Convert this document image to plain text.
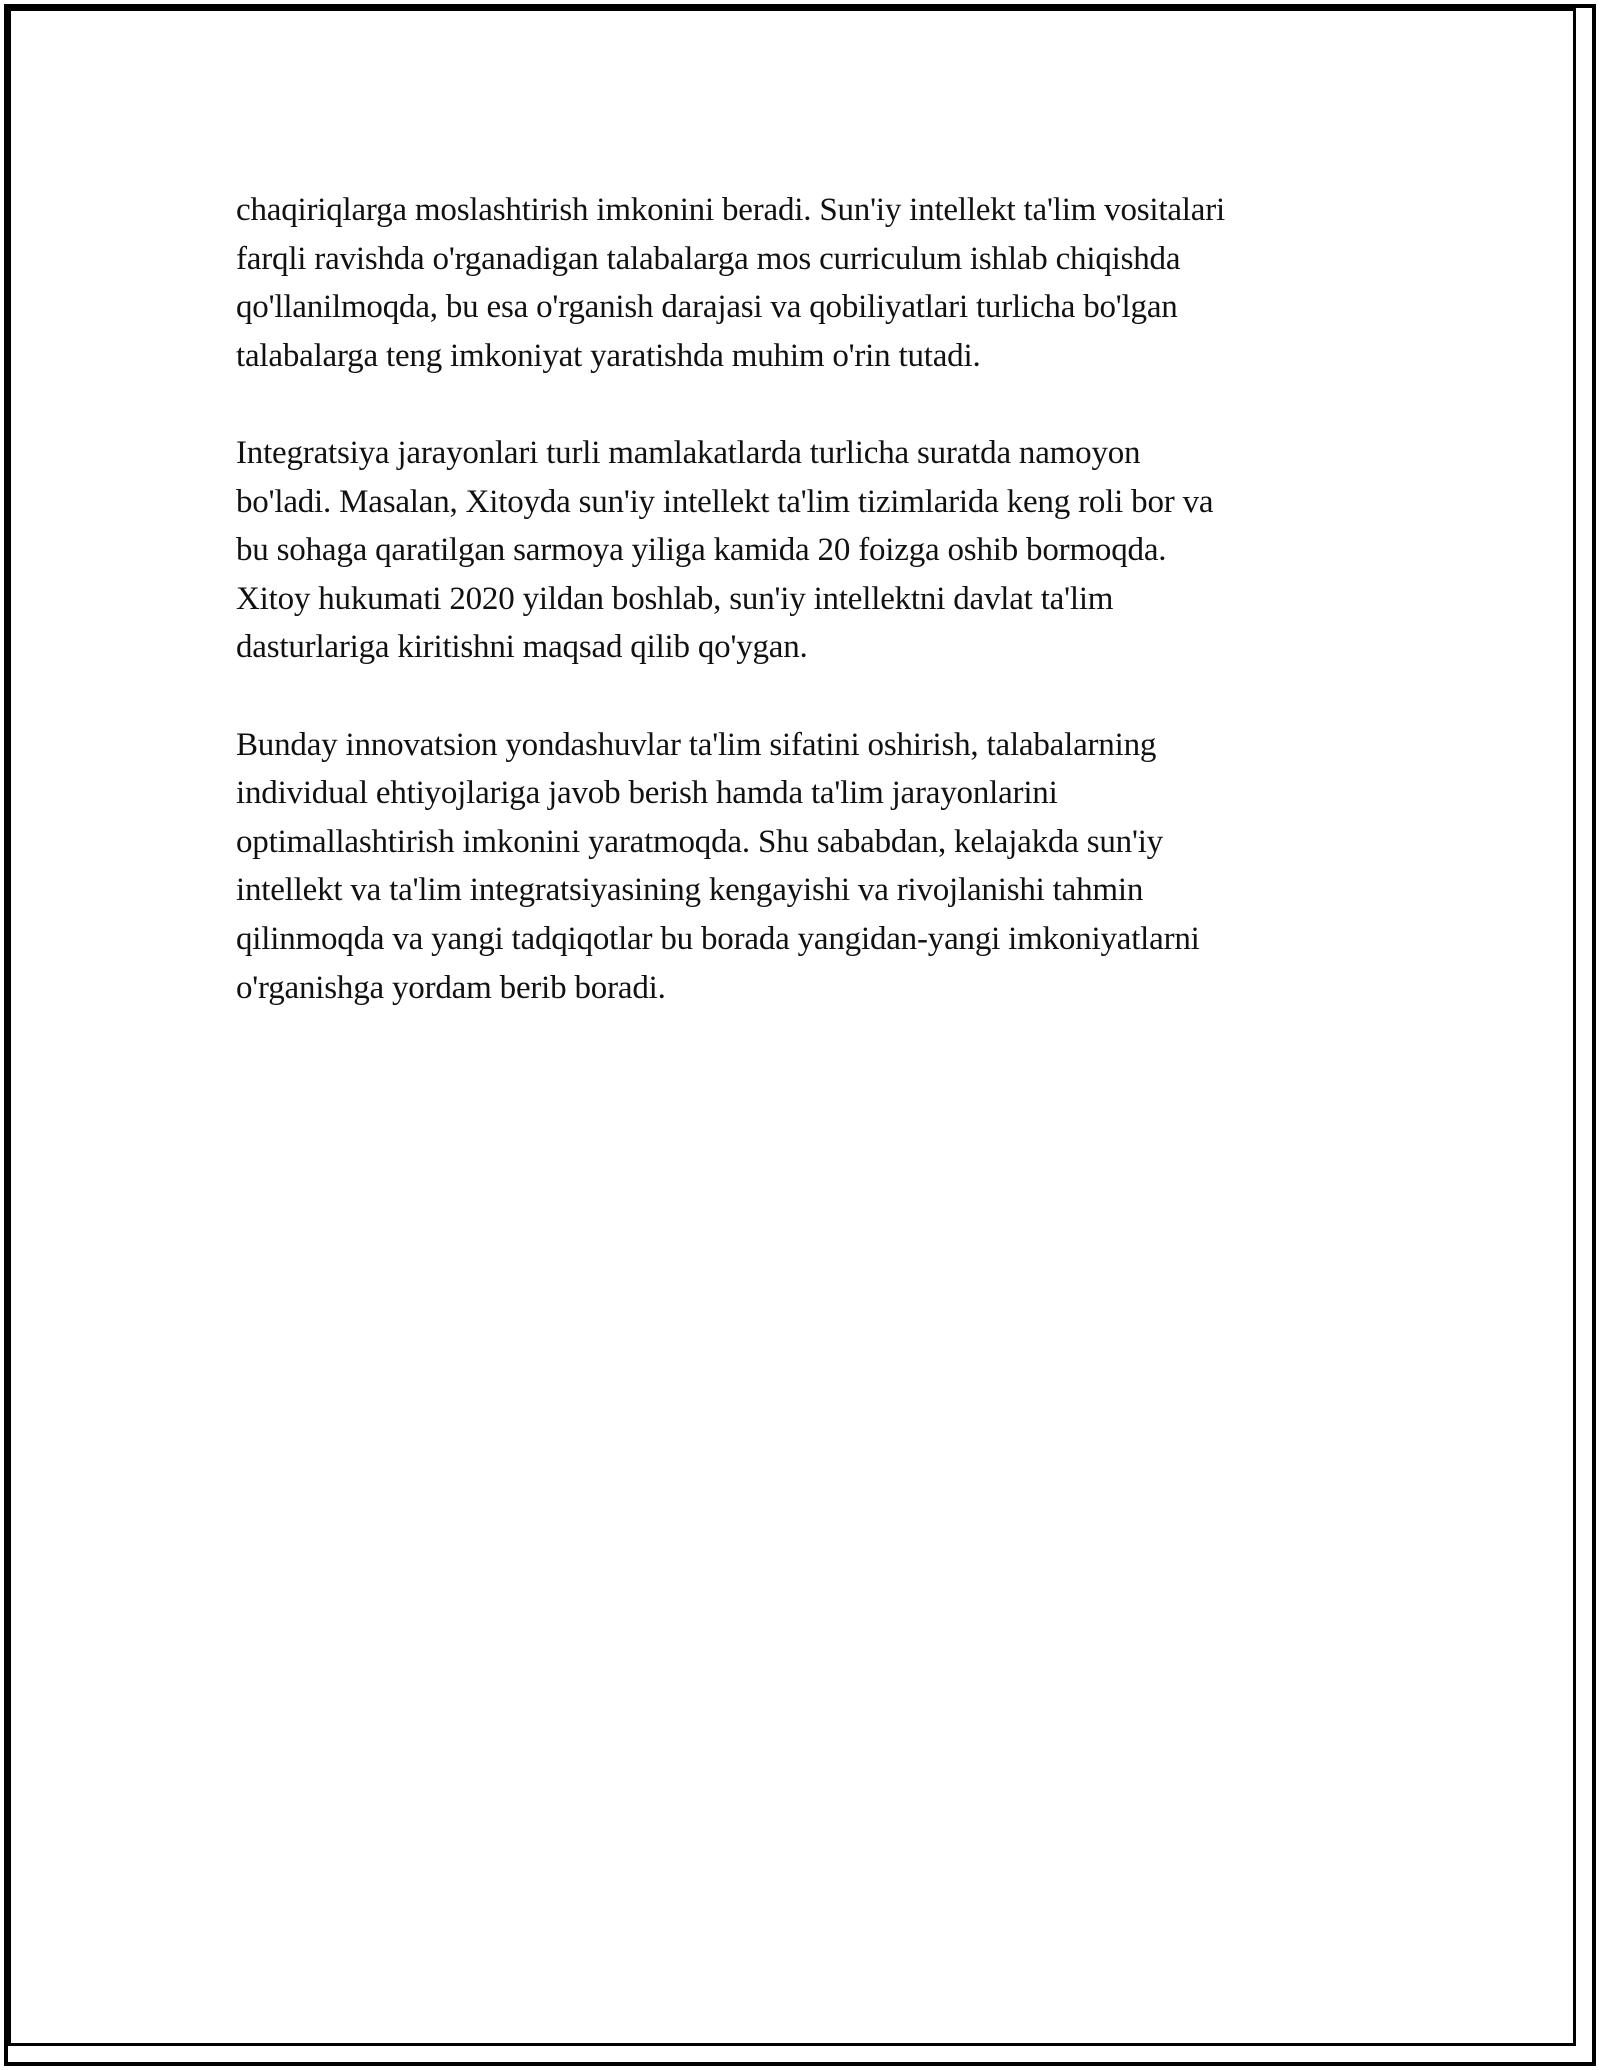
chaqiriqlarga moslashtirish imkonini beradi. Sun'iy intellekt ta'lim vositalari
farqli ravishda o'rganadigan talabalarga mos curriculum ishlab chiqishda
qo'llanilmoqda, bu esa o'rganish darajasi va qobiliyatlari turlicha bo'lgan
talabalarga teng imkoniyat yaratishda muhim o'rin tutadi.

Integratsiya jarayonlari turli mamlakatlarda turlicha suratda namoyon
bo'ladi. Masalan, Xitoyda sun'iy intellekt ta'lim tizimlarida keng roli bor va
bu sohaga qaratilgan sarmoya yiliga kamida 20 foizga oshib bormoqda.
Xitoy hukumati 2020 yildan boshlab, sun'iy intellektni davlat ta'lim
dasturlariga kiritishni maqsad qilib qo'ygan.

Bunday innovatsion yondashuvlar ta'lim sifatini oshirish, talabalarning
individual ehtiyojlariga javob berish hamda ta'lim jarayonlarini
optimallashtirish imkonini yaratmoqda. Shu sababdan, kelajakda sun'iy
intellekt va ta'lim integratsiyasining kengayishi va rivojlanishi tahmin
qilinmoqda va yangi tadqiqotlar bu borada yangidan-yangi imkoniyatlarni
o'rganishga yordam berib boradi.
